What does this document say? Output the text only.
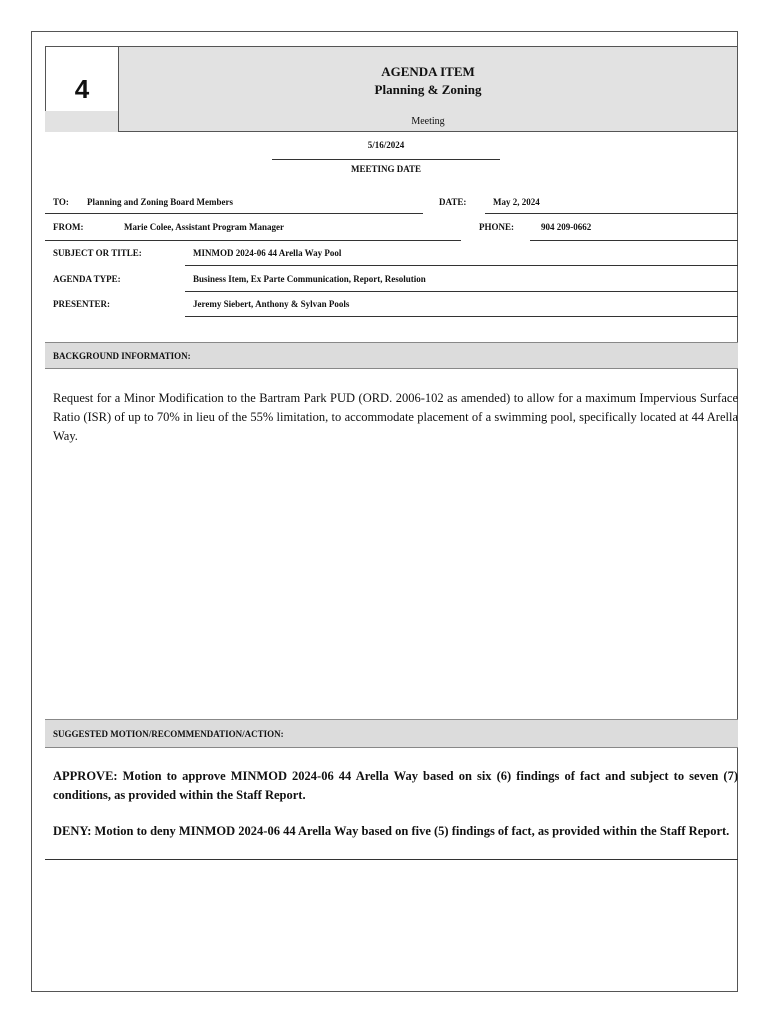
4
AGENDA ITEM
Planning & Zoning
Meeting
5/16/2024
MEETING DATE
TO: Planning and Zoning Board Members	DATE:	May 2, 2024
FROM:	Marie Colee, Assistant Program Manager	PHONE:	904 209-0662
SUBJECT OR TITLE:	MINMOD 2024-06 44 Arella Way Pool
AGENDA TYPE:	Business Item, Ex Parte Communication, Report, Resolution
PRESENTER:	Jeremy Siebert, Anthony & Sylvan Pools
BACKGROUND INFORMATION:
Request for a Minor Modification to the Bartram Park PUD (ORD. 2006-102 as amended) to allow for a maximum Impervious Surface Ratio (ISR) of up to 70% in lieu of the 55% limitation, to accommodate placement of a swimming pool, specifically located at 44 Arella Way.
SUGGESTED MOTION/RECOMMENDATION/ACTION:
APPROVE: Motion to approve MINMOD 2024-06 44 Arella Way based on six (6) findings of fact and subject to seven (7) conditions, as provided within the Staff Report.
DENY: Motion to deny MINMOD 2024-06 44 Arella Way based on five (5) findings of fact, as provided within the Staff Report.
